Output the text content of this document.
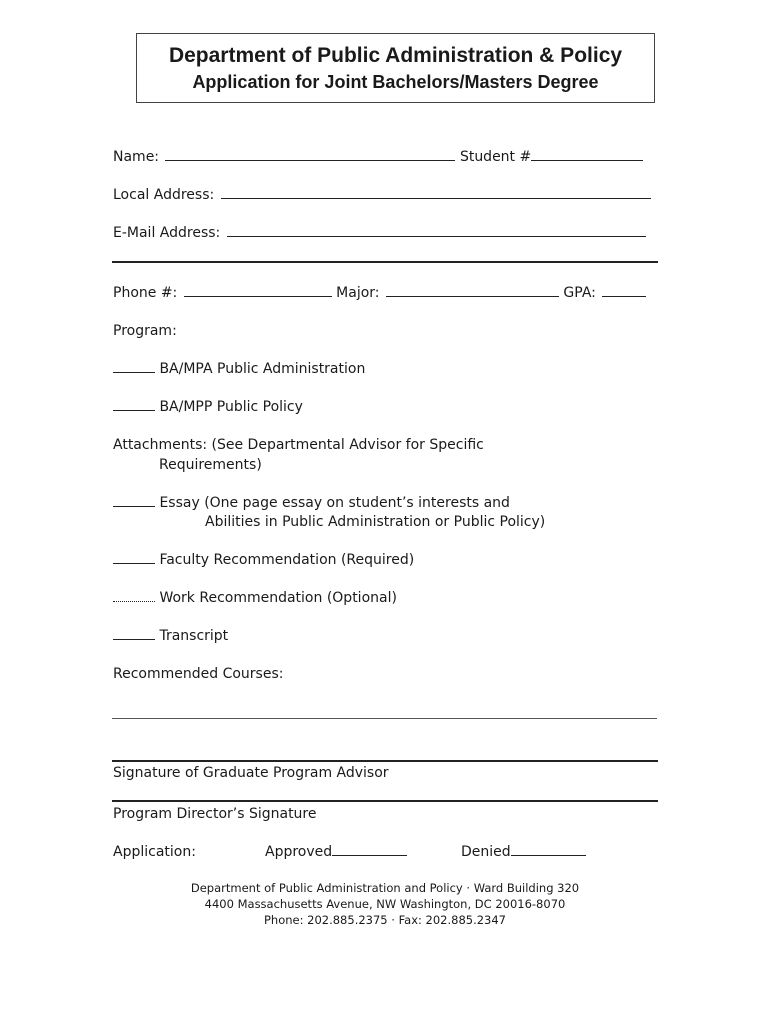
Department of Public Administration & Policy
Application for Joint Bachelors/Masters Degree
Name:	Student #
Local Address:
E-Mail Address:
Phone #:	Major:	GPA:
Program:
BA/MPA Public Administration
BA/MPP Public Policy
Attachments: (See Departmental Advisor for Specific
Requirements)
Essay (One page essay on student’s interests and
Abilities in Public Administration or Public Policy)
Faculty Recommendation (Required)
Work Recommendation (Optional)
Transcript
Recommended Courses:
Signature of Graduate Program Advisor
Program Director’s Signature
Application:	Approved	Denied
Department of Public Administration and Policy · Ward Building 320
4400 Massachusetts Avenue, NW Washington, DC 20016-8070
Phone: 202.885.2375 · Fax: 202.885.2347
